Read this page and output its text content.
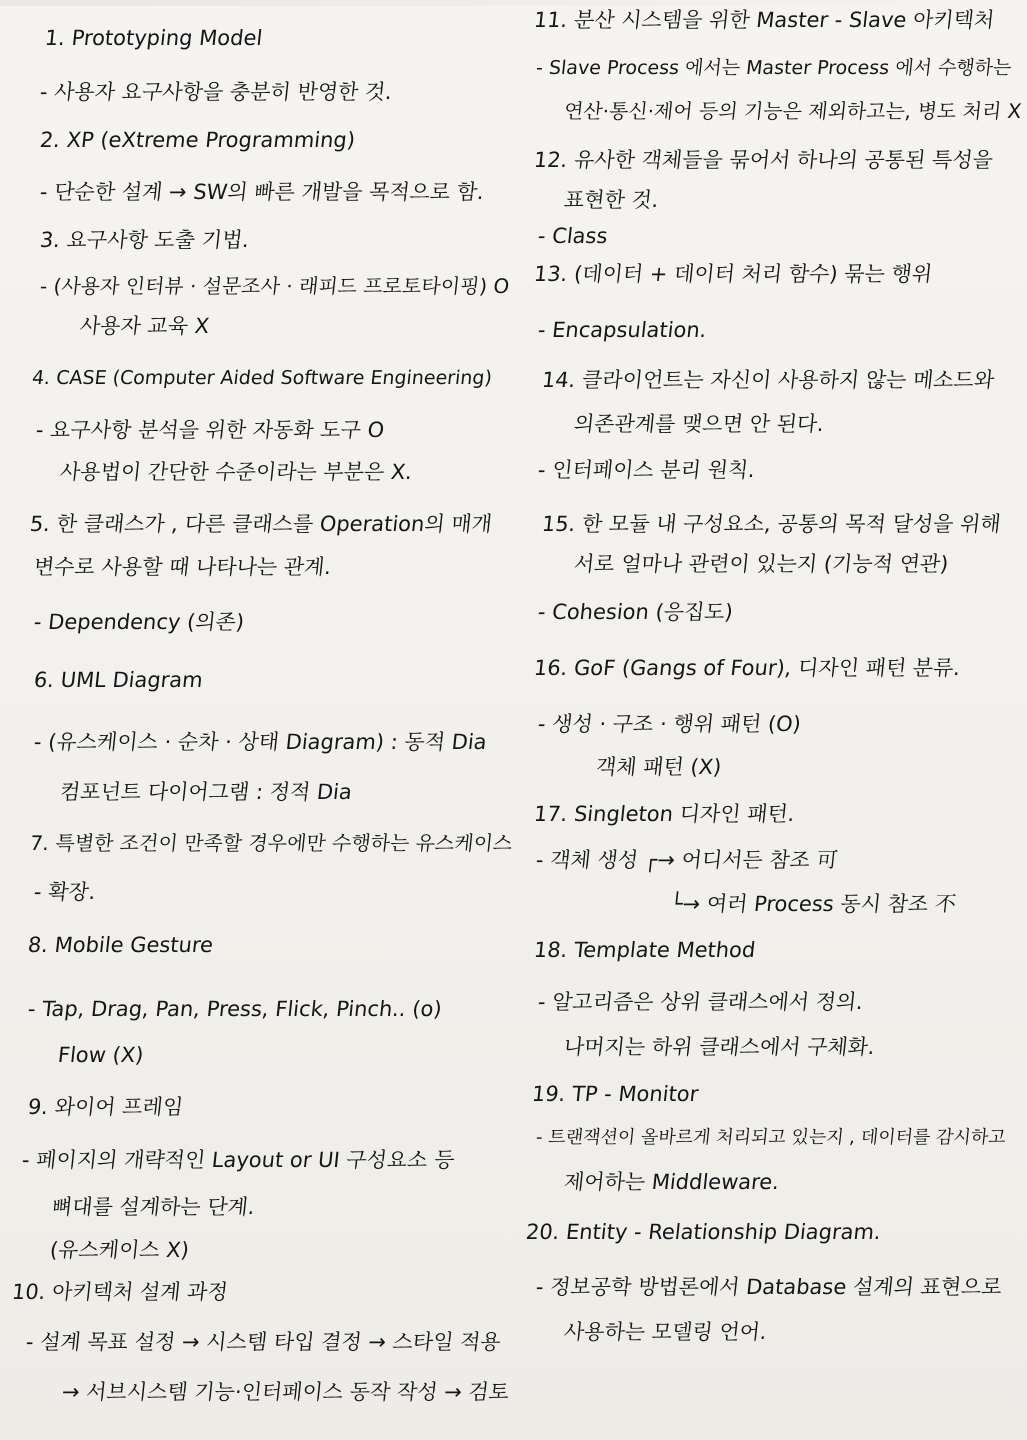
1. Prototyping Model
- 사용자 요구사항을 충분히 반영한 것.
2. XP (eXtreme Programming)
- 단순한 설계 → SW의 빠른 개발을 목적으로 함.
3. 요구사항 도출 기법.
- (사용자 인터뷰 · 설문조사 · 래피드 프로토타이핑) O
사용자 교육 X
4. CASE (Computer Aided Software Engineering)
- 요구사항 분석을 위한 자동화 도구 O
사용법이 간단한 수준이라는 부분은 X.
5. 한 클래스가 , 다른 클래스를 Operation의 매개
변수로 사용할 때 나타나는 관계.
- Dependency (의존)
6. UML Diagram
- (유스케이스 · 순차 · 상태 Diagram) : 동적 Dia
컴포넌트 다이어그램 : 정적 Dia
7. 특별한 조건이 만족할 경우에만 수행하는 유스케이스
- 확장.
8. Mobile Gesture
- Tap, Drag, Pan, Press, Flick, Pinch.. (o)
Flow (X)
9. 와이어 프레임
- 페이지의 개략적인 Layout or UI 구성요소 등
뼈대를 설계하는 단계.
(유스케이스 X)
10. 아키텍처 설계 과정
- 설계 목표 설정 → 시스템 타입 결정 → 스타일 적용
→ 서브시스템 기능·인터페이스 동작 작성 → 검토
11. 분산 시스템을 위한 Master - Slave 아키텍처
- Slave Process 에서는 Master Process 에서 수행하는
연산·통신·제어 등의 기능은 제외하고는, 병도 처리 X
12. 유사한 객체들을 묶어서 하나의 공통된 특성을
표현한 것.
- Class
13. (데이터 + 데이터 처리 함수) 묶는 행위
- Encapsulation.
14. 클라이언트는 자신이 사용하지 않는 메소드와
의존관계를 맺으면 안 된다.
- 인터페이스 분리 원칙.
15. 한 모듈 내 구성요소, 공통의 목적 달성을 위해
서로 얼마나 관련이 있는지 (기능적 연관)
- Cohesion (응집도)
16. GoF (Gangs of Four), 디자인 패턴 분류.
- 생성 · 구조 · 행위 패턴 (O)
객체 패턴 (X)
17. Singleton 디자인 패턴.
- 객체 생성 ┌→ 어디서든 참조 可
└→ 여러 Process 동시 참조 不
18. Template Method
- 알고리즘은 상위 클래스에서 정의.
나머지는 하위 클래스에서 구체화.
19. TP - Monitor
- 트랜잭션이 올바르게 처리되고 있는지 , 데이터를 감시하고
제어하는 Middleware.
20. Entity - Relationship Diagram.
- 정보공학 방법론에서 Database 설계의 표현으로
사용하는 모델링 언어.
